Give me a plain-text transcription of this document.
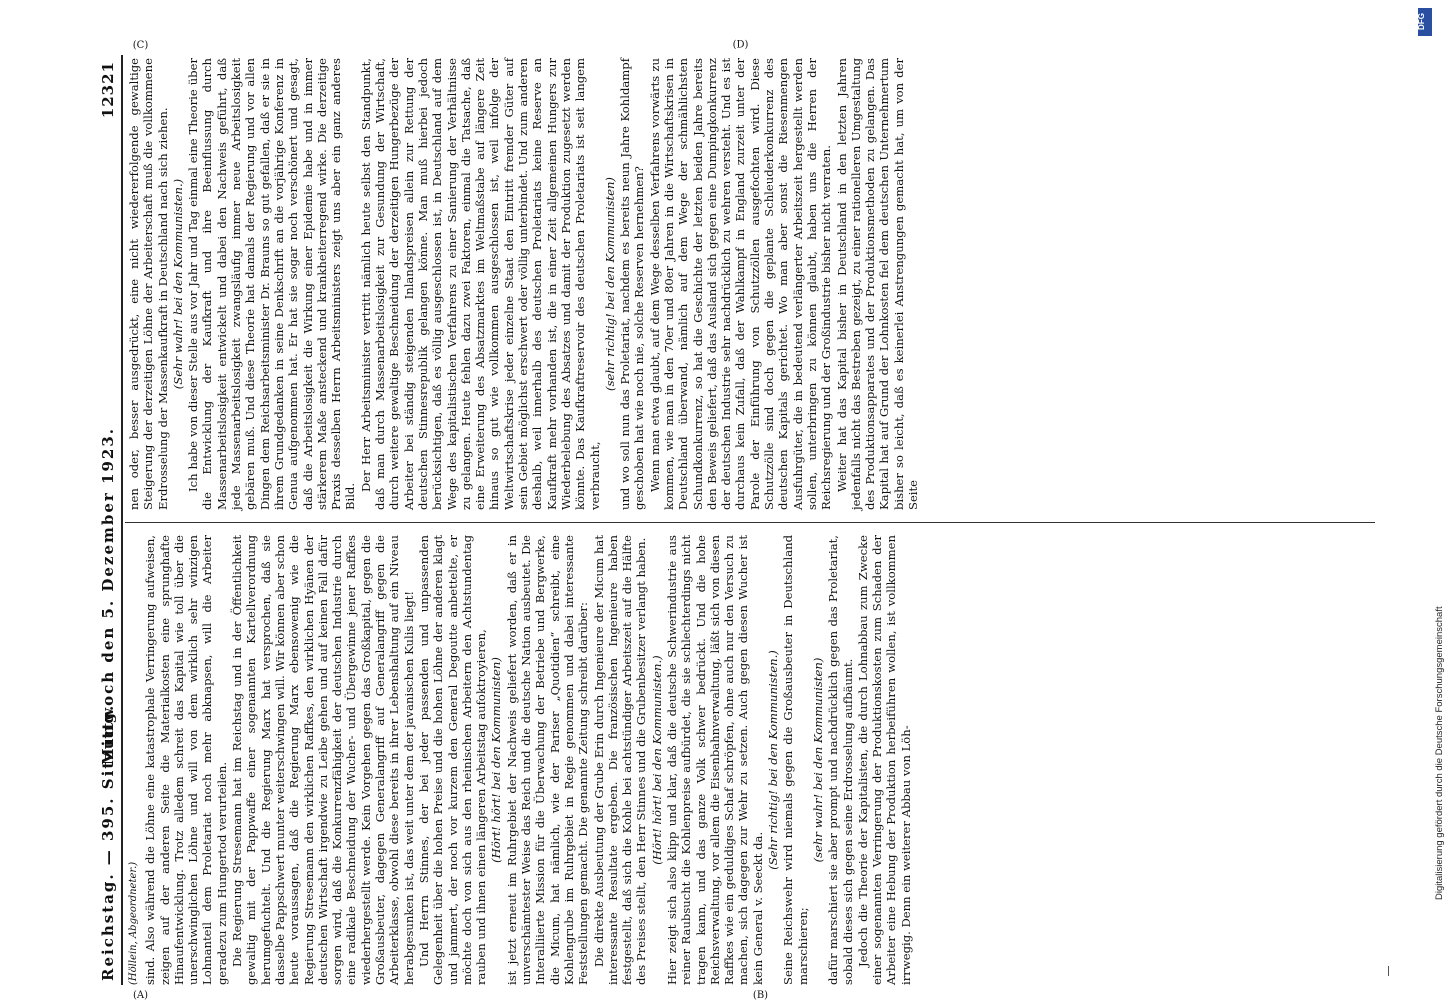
Reichstag. — 395. Sitzung.
Mittwoch den 5. Dezember 1923.
12321
(Höllein, Abgeordneter.) sind. Also während die Löhne eine katastrophale Verringerung aufweisen, zeigen auf der anderen Seite die Materialkosten eine sprunghafte Hinaufentwicklung. Trotz alledem schreit das Kapital wie toll über die unerschwinglichen Löhne und will von dem wirklich sehr winzigen Lohnanteil dem Proletariat noch mehr abknapsen, will die Arbeiter geradezu zum Hungertod verurteilen. Die Regierung Stresemann hat im Reichstag und in der Öffentlichkeit gewaltig mit der Pappwaffe einer sogenannten Kartellverordnung herumgefuchtelt. Und die Regierung Marx hat versprochen, daß sie dasselbe Pappschwert munter weiterschwingen will. Wir können aber schon heute voraussagen, daß die Regierung Marx ebensowenig wie die Regierung Stresemann den wirklichen Raffkes, den wirklichen Hyänen der deutschen Wirtschaft irgendwie zu Leibe gehen und auf keinen Fall dafür sorgen wird, daß die Konkurrenzfähigkeit der deutschen Industrie durch eine radikale Beschneidung der Wucher- und Übergewinne jener Raffkes wiederhergestellt werde. Kein Vorgehen gegen das Großkapital, gegen die Großausbeuter, dagegen Generalangriff auf Generalangriff gegen die Arbeiterklasse, obwohl diese bereits in ihrer Lebenshaltung auf ein Niveau herabgesunken ist, das weit unter dem der javanischen Kulis liegt! Und Herrn Stinnes, der bei jeder passenden und unpassenden Gelegenheit über die hohen Preise und die hohen Löhne der anderen klagt und jammert, der noch vor kurzem den General Degoutte anbettelte, er möchte doch von sich aus den rheinischen Arbeitern den Achtstundentag rauben und ihnen einen längeren Arbeitstag aufoktroyieren, (Hört! hört! bei den Kommunisten) ist jetzt erneut im Ruhrgebiet der Nachweis geliefert worden, daß er in unverschämtester Weise das Reich und die deutsche Nation ausbeutet. Die Interalliierte Mission für die Überwachung der Betriebe und Bergwerke, die Micum, hat nämlich, wie der Pariser „Quotidien“ schreibt, eine Kohlengrube im Ruhrgebiet in Regie genommen und dabei interessante Feststellungen gemacht. Die genannte Zeitung schreibt darüber: Die direkte Ausbeutung der Grube Erin durch Ingenieure der Micum hat interessante Resultate ergeben. Die französischen Ingenieure haben festgestellt, daß sich die Kohle bei achtstündiger Arbeitszeit auf die Hälfte des Preises stellt, den Herr Stinnes und die Grubenbesitzer verlangt haben. (Hört! hört! bei den Kommunisten.) Hier zeigt sich also klipp und klar, daß die deutsche Schwerindustrie aus reiner Raubsucht die Kohlenpreise aufbürdet, die sie schlechterdings nicht tragen kann, und das ganze Volk schwer bedrückt. Und die hohe Reichsverwaltung, vor allem die Eisenbahnverwaltung, läßt sich von diesen Raffkes wie ein geduldiges Schaf schröpfen, ohne auch nur den Versuch zu machen, sich dagegen zur Wehr zu setzen. Auch gegen diesen Wucher ist kein General v. Seeckt da.

(Sehr richtig! bei den Kommunisten.) Seine Reichswehr wird niemals gegen die Großausbeuter in Deutschland marschieren;

(sehr wahr! bei den Kommunisten) dafür marschiert sie aber prompt und nachdrücklich gegen das Proletariat, sobald dieses sich gegen seine Erdrosselung aufbäumt. Jedoch die Theorie der Kapitalisten, die durch Lohnabbau zum Zwecke einer sogenannten Verringerung der Produktionskosten zum Schaden der Arbeiter eine Hebung der Produktion herbeiführen wollen, ist vollkommen irrwegig. Denn ein weiterer Abbau von Löh-

nen oder, besser ausgedrückt, eine nicht wiedererfolgende gewaltige Steigerung der derzeitigen Löhne der Arbeiterschaft muß die vollkommene Erdrosselung der Massenkaufkraft in Deutschland nach sich ziehen. (Sehr wahr! bei den Kommunisten.) Ich habe von dieser Stelle aus vor Jahr und Tag einmal eine Theorie über die Entwicklung der Kaufkraft und ihre Beeinflussung durch Massenarbeitslosigkeit entwickelt und dabei den Nachweis geführt, daß jede Massenarbeitslosigkeit zwangsläufig immer neue Arbeitslosigkeit gebären muß. Und diese Theorie hat damals der Regierung und vor allen Dingen dem Reichsarbeitsminister Dr. Brauns so gut gefallen, daß er sie in ihrem Grundgedanken in seine Denkschrift an die vorjährige Konferenz in Genua aufgenommen hat. Er hat sie sogar noch verschönert und gesagt, daß die Arbeitslosigkeit die Wirkung einer Epidemie habe und in immer stärkerem Maße ansteckend und krankheiterregend wirke. Die derzeitige Praxis desselben Herrn Arbeitsministers zeigt uns aber ein ganz anderes Bild.

Der Herr Arbeitsminister vertritt nämlich heute selbst den Standpunkt, daß man durch Massenarbeitslosigkeit zur Gesundung der Wirtschaft, durch weitere gewaltige Beschneidung der derzeitigen Hungerbezüge der Arbeiter bei ständig steigenden Inlandspreisen allein zur Rettung der deutschen Stinnesrepublik gelangen könne. Man muß hierbei jedoch berücksichtigen, daß es völlig ausgeschlossen ist, in Deutschland auf dem Wege des kapitalistischen Verfahrens zu einer Sanierung der Verhältnisse zu gelangen. Heute fehlen dazu zwei Faktoren, einmal die Tatsache, daß eine Erweiterung des Absatzmarktes im Weltmaßstabe auf längere Zeit hinaus so gut wie vollkommen ausgeschlossen ist, weil infolge der Weltwirtschaftskrise jeder einzelne Staat den Eintritt fremder Güter auf sein Gebiet möglichst erschwert oder völlig unterbindet. Und zum anderen deshalb, weil innerhalb des deutschen Proletariats keine Reserve an Kaufkraft mehr vorhanden ist, die in einer Zeit allgemeinen Hungers zur Wiederbelebung des Absatzes und damit der Produktion zugesetzt werden könnte. Das Kaufkraftreservoir des deutschen Proletariats ist seit langem verbraucht,

(sehr richtig! bei den Kommunisten) und wo soll nun das Proletariat, nachdem es bereits neun Jahre Kohldampf geschoben hat wie noch nie, solche Reserven hernehmen? Wenn man etwa glaubt, auf dem Wege desselben Verfahrens vorwärts zu kommen, wie man in den 70er und 80er Jahren in die Wirtschaftskrisen in Deutschland überwand, nämlich auf dem Wege der schmählichsten Schundkonkurrenz, so hat die Geschichte der letzten beiden Jahre bereits den Beweis geliefert, daß das Ausland sich gegen eine Dumpingkonkurrenz der deutschen Industrie sehr nachdrücklich zu wehren versteht. Und es ist durchaus kein Zufall, daß der Wahlkampf in England zurzeit unter der Parole der Einführung von Schutzzöllen ausgefochten wird. Diese Schutzzölle sind doch gegen die geplante Schleuderkonkurrenz des deutschen Kapitals gerichtet. Wo man aber sonst die Riesenmengen Ausfuhrgüter, die in bedeutend verlängerter Arbeitszeit hergestellt werden sollen, unterbringen zu können glaubt, haben uns die Herren der Reichsregierung und der Großindustrie bisher nicht verraten. Weiter hat das Kapital bisher in Deutschland in den letzten Jahren jedenfalls nicht das Bestreben gezeigt, zu einer rationelleren Umgestaltung des Produktionsapparates und der Produktionsmethoden zu gelangen. Das Kapital hat auf Grund der Lohnkosten fiel dem deutschen Unternehmertum bisher so leicht, daß es keinerlei Anstrengungen gemacht hat, um von der Seite

(A)	(B)
(C)	(D)
DFG
Digitalisierung gefördert durch die Deutsche Forschungsgemeinschaft
